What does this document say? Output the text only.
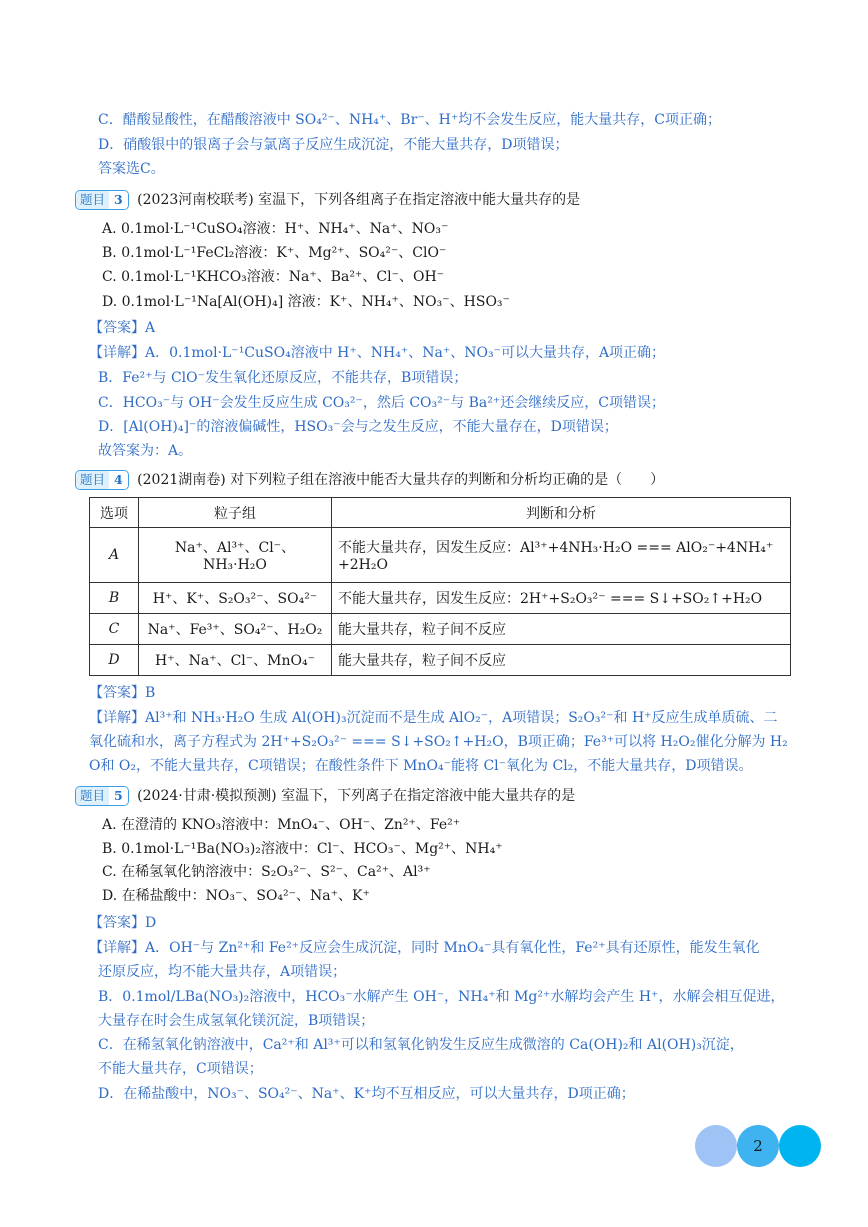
C．醋酸显酸性，在醋酸溶液中 SO₄²⁻、NH₄⁺、Br⁻、H⁺均不会发生反应，能大量共存，C项正确；
D．硝酸银中的银离子会与氯离子反应生成沉淀，不能大量共存，D项错误；
答案选C。
题目 3 (2023河南校联考) 室温下，下列各组离子在指定溶液中能大量共存的是
A. 0.1mol·L⁻¹CuSO₄溶液：H⁺、NH₄⁺、Na⁺、NO₃⁻
B. 0.1mol·L⁻¹FeCl₂溶液：K⁺、Mg²⁺、SO₄²⁻、ClO⁻
C. 0.1mol·L⁻¹KHCO₃溶液：Na⁺、Ba²⁺、Cl⁻、OH⁻
D. 0.1mol·L⁻¹Na[Al(OH)₄] 溶液：K⁺、NH₄⁺、NO₃⁻、HSO₃⁻
【答案】A
【详解】A．0.1mol·L⁻¹CuSO₄溶液中 H⁺、NH₄⁺、Na⁺、NO₃⁻可以大量共存，A项正确；
B．Fe²⁺与 ClO⁻发生氧化还原反应，不能共存，B项错误；
C．HCO₃⁻与 OH⁻会发生反应生成 CO₃²⁻，然后 CO₃²⁻与 Ba²⁺还会继续反应，C项错误；
D．[Al(OH)₄]⁻的溶液偏碱性，HSO₃⁻会与之发生反应，不能大量存在，D项错误；
故答案为：A。
题目 4 (2021湖南卷) 对下列粒子组在溶液中能否大量共存的判断和分析均正确的是（　　）
选项	粒子组	判断和分析
A	Na⁺、Al³⁺、Cl⁻、NH₃·H₂O	不能大量共存，因发生反应：Al³⁺+4NH₃·H₂O === AlO₂⁻+4NH₄⁺
+2H₂O

B	H⁺、K⁺、S₂O₃²⁻、SO₄²⁻	不能大量共存，因发生反应：2H⁺+S₂O₃²⁻ === S↓+SO₂↑+H₂O
C	Na⁺、Fe³⁺、SO₄²⁻、H₂O₂	能大量共存，粒子间不反应
D	H⁺、Na⁺、Cl⁻、MnO₄⁻	能大量共存，粒子间不反应
【答案】B
【详解】Al³⁺和 NH₃·H₂O 生成 Al(OH)₃沉淀而不是生成 AlO₂⁻，A项错误；S₂O₃²⁻和 H⁺反应生成单质硫、二
氧化硫和水，离子方程式为 2H⁺+S₂O₃²⁻ === S↓+SO₂↑+H₂O，B项正确；Fe³⁺可以将 H₂O₂催化分解为 H₂
O和 O₂，不能大量共存，C项错误；在酸性条件下 MnO₄⁻能将 Cl⁻氧化为 Cl₂，不能大量共存，D项错误。
题目 5 (2024·甘肃·模拟预测) 室温下，下列离子在指定溶液中能大量共存的是
A. 在澄清的 KNO₃溶液中：MnO₄⁻、OH⁻、Zn²⁺、Fe²⁺
B. 0.1mol·L⁻¹Ba(NO₃)₂溶液中：Cl⁻、HCO₃⁻、Mg²⁺、NH₄⁺
C. 在稀氢氧化钠溶液中：S₂O₃²⁻、S²⁻、Ca²⁺、Al³⁺
D. 在稀盐酸中：NO₃⁻、SO₄²⁻、Na⁺、K⁺
【答案】D
【详解】A．OH⁻与 Zn²⁺和 Fe²⁺反应会生成沉淀，同时 MnO₄⁻具有氧化性，Fe²⁺具有还原性，能发生氧化
还原反应，均不能大量共存，A项错误；
B．0.1mol/LBa(NO₃)₂溶液中，HCO₃⁻水解产生 OH⁻，NH₄⁺和 Mg²⁺水解均会产生 H⁺，水解会相互促进，
大量存在时会生成氢氧化镁沉淀，B项错误；
C．在稀氢氧化钠溶液中，Ca²⁺和 Al³⁺可以和氢氧化钠发生反应生成微溶的 Ca(OH)₂和 Al(OH)₃沉淀，
不能大量共存，C项错误；
D．在稀盐酸中，NO₃⁻、SO₄²⁻、Na⁺、K⁺均不互相反应，可以大量共存，D项正确；
2
